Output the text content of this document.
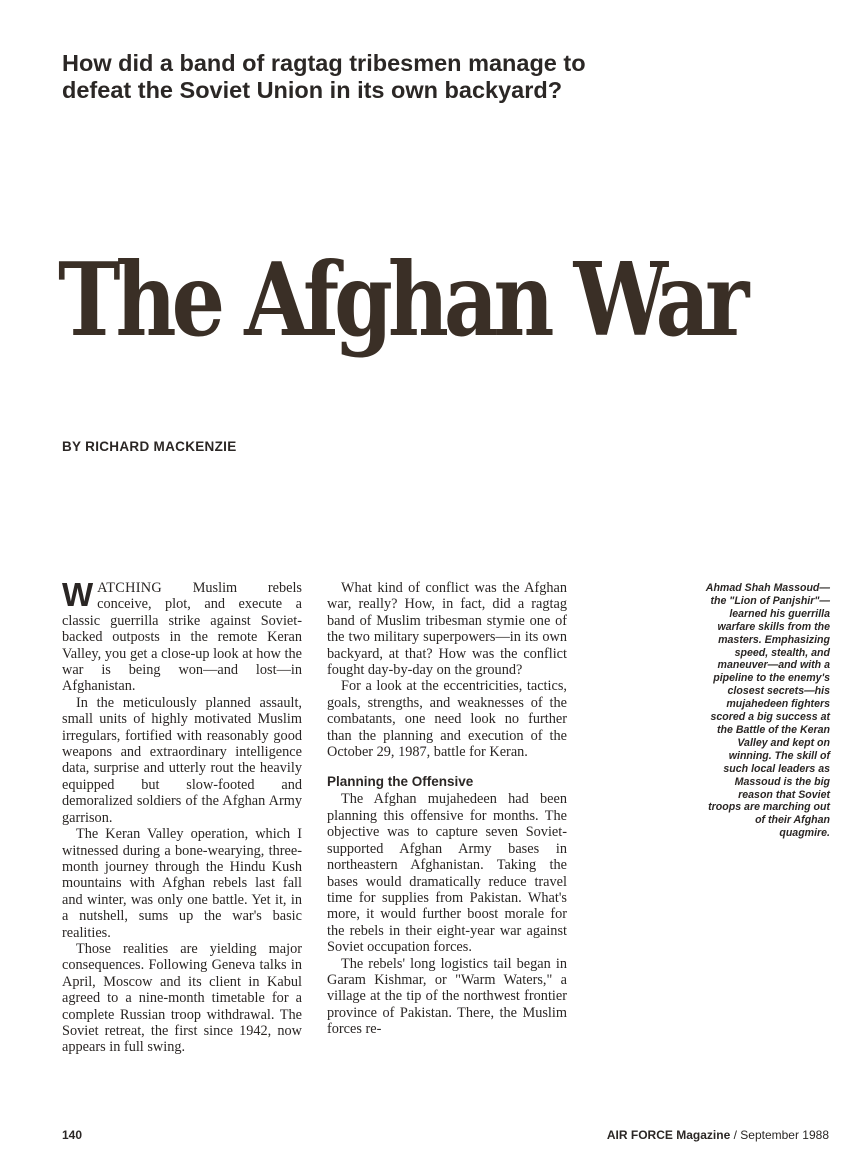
How did a band of ragtag tribesmen manage to defeat the Soviet Union in its own backyard?
The Afghan War
BY RICHARD MACKENZIE

WATCHING Muslim rebels conceive, plot, and execute a classic guerrilla strike against Soviet-backed outposts in the remote Keran Valley, you get a close-up look at how the war is being won—and lost—in Afghanistan.

In the meticulously planned assault, small units of highly motivated Muslim irregulars, fortified with reasonably good weapons and extraordinary intelligence data, surprise and utterly rout the heavily equipped but slow-footed and demoralized soldiers of the Afghan Army garrison.

The Keran Valley operation, which I witnessed during a bone-wearying, three-month journey through the Hindu Kush mountains with Afghan rebels last fall and winter, was only one battle. Yet it, in a nutshell, sums up the war's basic realities.

Those realities are yielding major consequences. Following Geneva talks in April, Moscow and its client in Kabul agreed to a nine-month timetable for a complete Russian troop withdrawal. The Soviet retreat, the first since 1942, now appears in full swing.

What kind of conflict was the Afghan war, really? How, in fact, did a ragtag band of Muslim tribesman stymie one of the two military superpowers—in its own backyard, at that? How was the conflict fought day-by-day on the ground?

For a look at the eccentricities, tactics, goals, strengths, and weaknesses of the combatants, one need look no further than the planning and execution of the October 29, 1987, battle for Keran.

Planning the Offensive

The Afghan mujahedeen had been planning this offensive for months. The objective was to capture seven Soviet-supported Afghan Army bases in northeastern Afghanistan. Taking the bases would dramatically reduce travel time for supplies from Pakistan. What's more, it would further boost morale for the rebels in their eight-year war against Soviet occupation forces.

The rebels' long logistics tail began in Garam Kishmar, or "Warm Waters," a village at the tip of the northwest frontier province of Pakistan. There, the Muslim forces re-

Ahmad Shah Massoud—the "Lion of Panjshir"—learned his guerrilla warfare skills from the masters. Emphasizing speed, stealth, and maneuver—and with a pipeline to the enemy's closest secrets—his mujahedeen fighters scored a big success at the Battle of the Keran Valley and kept on winning. The skill of such local leaders as Massoud is the big reason that Soviet troops are marching out of their Afghan quagmire.

140	AIR FORCE Magazine / September 1988
